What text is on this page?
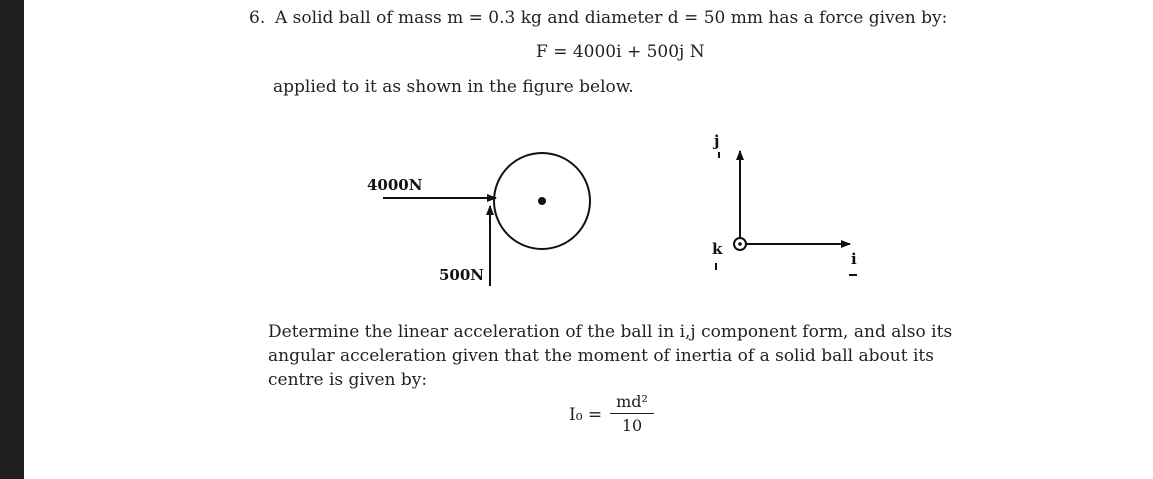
6. A solid ball of mass m = 0.3 kg and diameter d = 50 mm has a force given by:
F = 4000i + 500j N
applied to it as shown in the figure below.
4000N
500N
j
i
k
Determine the linear acceleration of the ball in i,j component form, and also its
angular acceleration given that the moment of inertia of a solid ball about its
centre is given by:
I₀ =
md²
10
